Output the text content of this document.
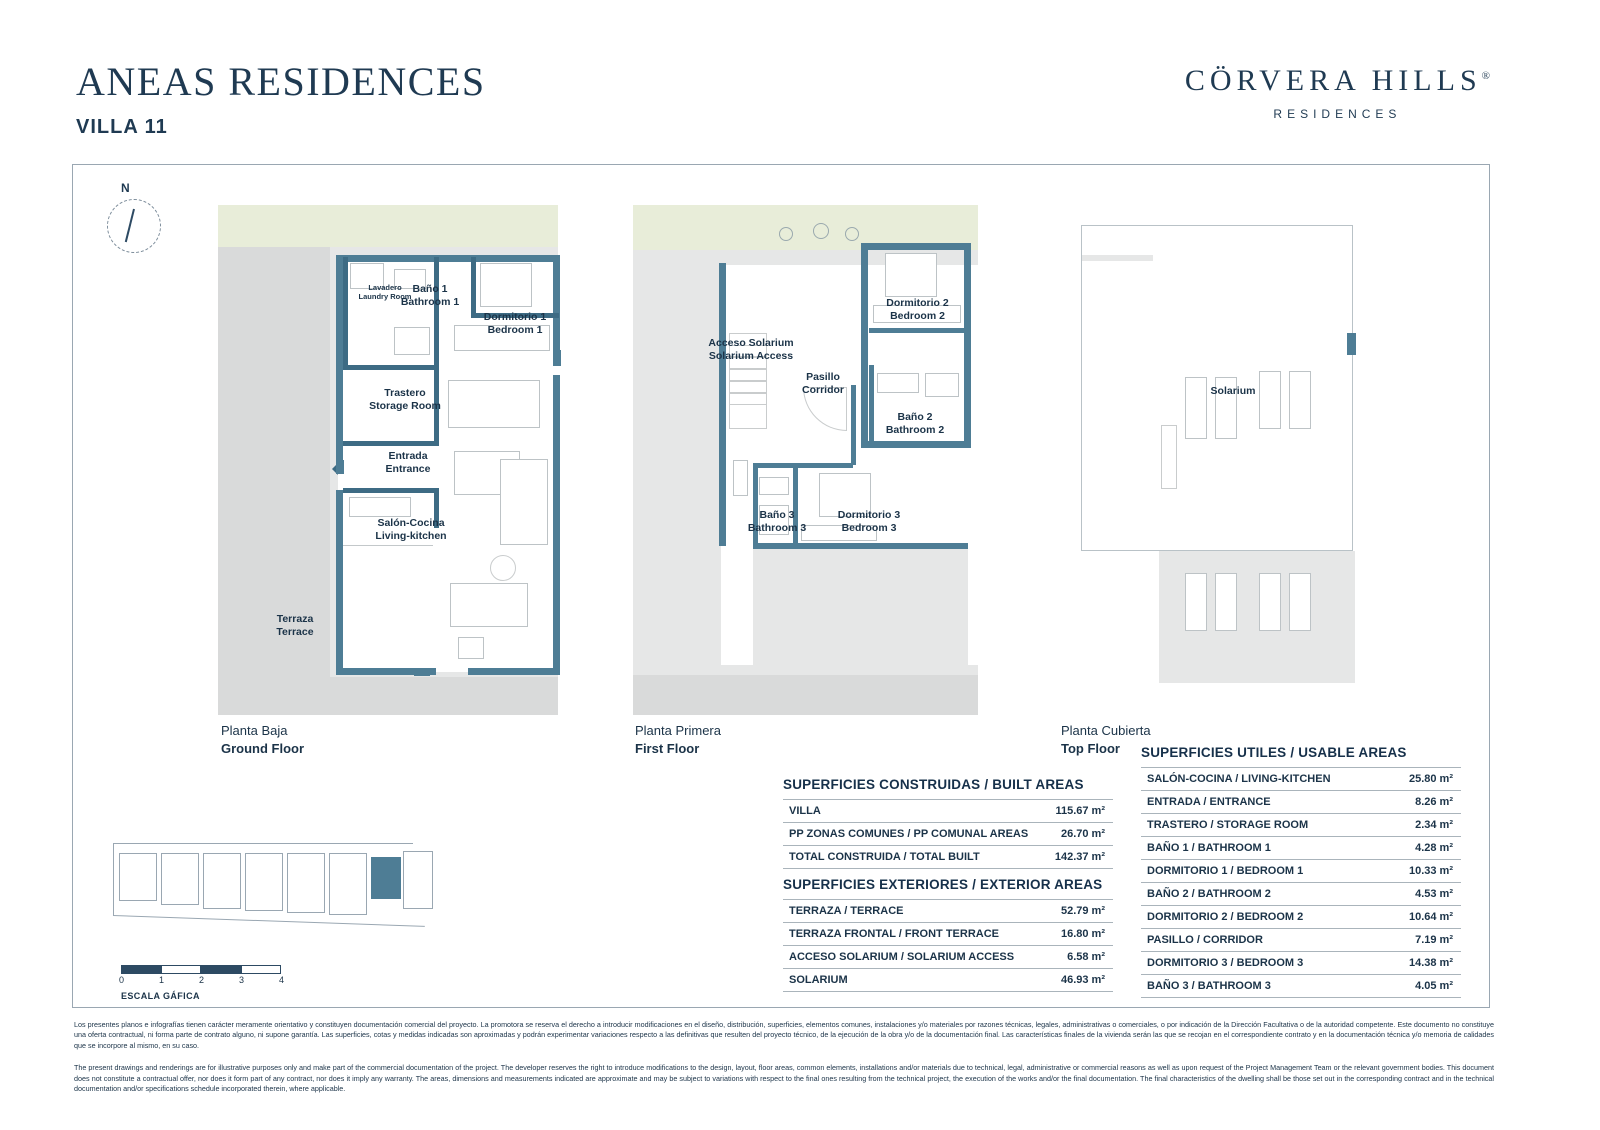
ANEAS RESIDENCES
VILLA 11
CÖRVERA HILLS®
RESIDENCES
N
Lavadero
Laundry Room
Baño 1
Bathroom 1
Dormitorio 1
Bedroom 1
Trastero
Storage Room
Entrada
Entrance
Salón-Cocina
Living-kitchen
Terraza
Terrace
Planta Baja
Ground Floor
Acceso Solarium
Solarium Access
Dormitorio 2
Bedroom 2
Pasillo
Corridor
Baño 2
Bathroom 2
Baño 3
Bathroom 3
Dormitorio 3
Bedroom 3
Planta Primera
First Floor
Solarium
Planta Cubierta
Top Floor
SUPERFICIES CONSTRUIDAS / BUILT AREAS
VILLA	115.67 m²
PP ZONAS COMUNES / PP COMUNAL AREAS	26.70 m²
TOTAL CONSTRUIDA / TOTAL BUILT	142.37 m²
SUPERFICIES EXTERIORES / EXTERIOR AREAS
TERRAZA / TERRACE	52.79 m²
TERRAZA FRONTAL / FRONT TERRACE	16.80 m²
ACCESO SOLARIUM / SOLARIUM ACCESS	6.58 m²
SOLARIUM	46.93 m²
SUPERFICIES UTILES / USABLE AREAS
SALÓN-COCINA / LIVING-KITCHEN	25.80 m²
ENTRADA / ENTRANCE	8.26 m²
TRASTERO / STORAGE ROOM	2.34 m²
BAÑO 1 / BATHROOM 1	4.28 m²
DORMITORIO 1 / BEDROOM 1	10.33 m²
BAÑO 2 / BATHROOM 2	4.53 m²
DORMITORIO 2 / BEDROOM 2	10.64 m²
PASILLO / CORRIDOR	7.19 m²
DORMITORIO 3 / BEDROOM 3	14.38 m²
BAÑO 3 / BATHROOM 3	4.05 m²
0	1	2	3	4
ESCALA GÁFICA

Los presentes planos e infografías tienen carácter meramente orientativo y constituyen documentación comercial del proyecto. La promotora se reserva el derecho a introducir modificaciones en el diseño, distribución, superficies, elementos comunes, instalaciones y/o materiales por razones técnicas, legales, administrativas o comerciales, o por indicación de la Dirección Facultativa o de la autoridad competente. Este documento no constituye una oferta contractual, ni forma parte de contrato alguno, ni supone garantía. Las superficies, cotas y medidas indicadas son aproximadas y podrán experimentar variaciones respecto a las definitivas que resulten del proyecto técnico, de la ejecución de la obra y/o de la documentación final. Las características finales de la vivienda serán las que se recojan en el correspondiente contrato y en la documentación técnica y/o memoria de calidades que se incorpore al mismo, en su caso.

The present drawings and renderings are for illustrative purposes only and make part of the commercial documentation of the project. The developer reserves the right to introduce modifications to the design, layout, floor areas, common elements, installations and/or materials due to technical, legal, administrative or commercial reasons as well as upon request of the Project Management Team or the relevant government bodies. This document does not constitute a contractual offer, nor does it form part of any contract, nor does it imply any warranty. The areas, dimensions and measurements indicated are approximate and may be subject to variations with respect to the final ones resulting from the technical project, the execution of the works and/or the final documentation. The final characteristics of the dwelling shall be those set out in the corresponding contract and in the technical documentation and/or specifications schedule incorporated therein, where applicable.
